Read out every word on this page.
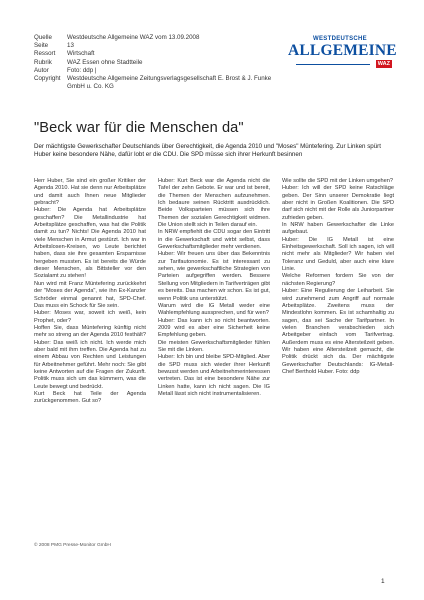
Quelle	Westdeutsche Allgemeine WAZ vom 13.09.2008
Seite	13
Ressort	Wirtschaft
Rubrik	WAZ Essen ohne Stadtteile
Autor	Foto: ddp |
Copyright	Westdeutsche Allgemeine Zeitungsverlagsgesellschaft E. Brost & J. Funke GmbH u. Co. KG
WESTDEUTSCHE
ALLGEMEINE
WAZ
"Beck war für die Menschen da"

Der mächtigste Gewerkschafter Deutschlands über Gerechtigkeit, die Agenda 2010 und "Moses" Müntefering. Zur Linken spürt Huber keine besondere Nähe, dafür lobt er die CDU. Die SPD müsse sich ihrer Herkunft besinnen

Herr Huber, Sie sind ein großer Kritiker der Agenda 2010. Hat sie denn nur Arbeitsplätze und damit auch Ihnen neue Mitglieder gebracht?

Huber: Die Agenda hat Arbeitsplätze geschaffen? Die Metallindustrie hat Arbeitsplätze geschaffen, was hat die Politik damit zu tun? Nichts! Die Agenda 2010 hat viele Menschen in Armut gestürzt. Ich war in Arbeitslosen-Kreisen, wo Leute berichtet haben, dass sie ihre gesamten Ersparnisse hergeben mussten. Es ist bereits die Würde dieser Menschen, als Bittsteller vor den Sozialamt zu stehen!

Nun wird mit Franz Müntefering zurückkehrt der "Moses der Agenda", wie ihn Ex-Kanzler Schröder einmal genannt hat, SPD-Chef. Das muss ein Schock für Sie sein.

Huber: Moses war, soweit ich weiß, kein Prophet, oder?

Hoffen Sie, dass Müntefering künftig nicht mehr so streng an der Agenda 2010 festhält?

Huber: Das weiß ich nicht. Ich werde mich aber bald mit ihm treffen. Die Agenda hat zu einem Abbau von Rechten und Leistungen für Arbeitnehmer geführt. Mehr noch: Sie gibt keine Antworten auf die Fragen der Zukunft. Politik muss sich um das kümmern, was die Leute bewegt und bedrückt.

Kurt Beck hat Teile der Agenda zurückgenommen. Gut so?

Huber: Kurt Beck war die Agenda nicht die Tafel der zehn Gebote. Er war und ist bereit, die Themen der Menschen aufzunehmen. Ich bedaure seinen Rücktritt ausdrücklich. Beide Volksparteien müssen sich ihre Themen der sozialen Gerechtigkeit widmen. Die Union stellt sich in Teilen darauf ein.

In NRW empfiehlt die CDU sogar den Eintritt in die Gewerkschaft und wirbt selbst, dass Gewerkschaftsmitglieder mehr verdienen.

Huber: Wir freuen uns über das Bekenntnis zur Tarifautonomie. Es ist interessant zu sehen, wie gewerkschaftliche Strategien von Parteien aufgegriffen werden. Bessere Stellung von Mitgliedern in Tarifverträgen gibt es bereits. Das machen wir schon. Es ist gut, wenn Politik uns unterstützt.

Warum wird die IG Metall weder eine Wahlempfehlung aussprechen, und für wen?

Huber: Das kann ich so nicht beantworten. 2009 wird es aber eine Sicherheit keine Empfehlung geben.

Die meisten Gewerkschaftsmitglieder fühlen Sie mit die Linken.

Huber: Ich bin und bleibe SPD-Mitglied. Aber die SPD muss sich wieder ihrer Herkunft bewusst werden und Arbeitnehmerinteressen vertreten. Das ist eine besondere Nähe zur Linken hatte, kann ich nicht sagen. Die IG Metall lässt sich nicht instrumentalisieren.

Wie sollte die SPD mit der Linken umgehen?

Huber: Ich will der SPD keine Ratschläge geben. Der Sinn unserer Demokratie liegt aber nicht in Großen Koalitionen. Die SPD darf sich nicht mit der Rolle als Juniorpartner zufrieden geben.

In NRW haben Gewerkschafter die Linke aufgebaut.

Huber: Die IG Metall ist eine Einheitsgewerkschaft. Soll ich sagen, ich will nicht mehr als Mitglieder? Wir haben viel Toleranz und Geduld, aber auch eine klare Linie.

Welche Reformen fordern Sie von der nächsten Regierung?

Huber: Eine Regulierung der Leiharbeit. Sie wird zunehmend zum Angriff auf normale Arbeitsplätze. Zweitens muss der Mindestlohn kommen. Es ist schamhaltig zu sagen, das sei Sache der Tarifpartner. In vielen Branchen verabschieden sich Arbeitgeber einfach vom Tarifvertrag. Außerdem muss es eine Altersteilzeit geben. Wir haben eine Altersteilzeit gemacht, die Politik drückt sich da. Der mächtigste Gewerkschafter Deutschlands: IG-Metall-Chef Berthold Huber. Foto: ddp

© 2008 PMG Presse-Monitor GmbH
1
